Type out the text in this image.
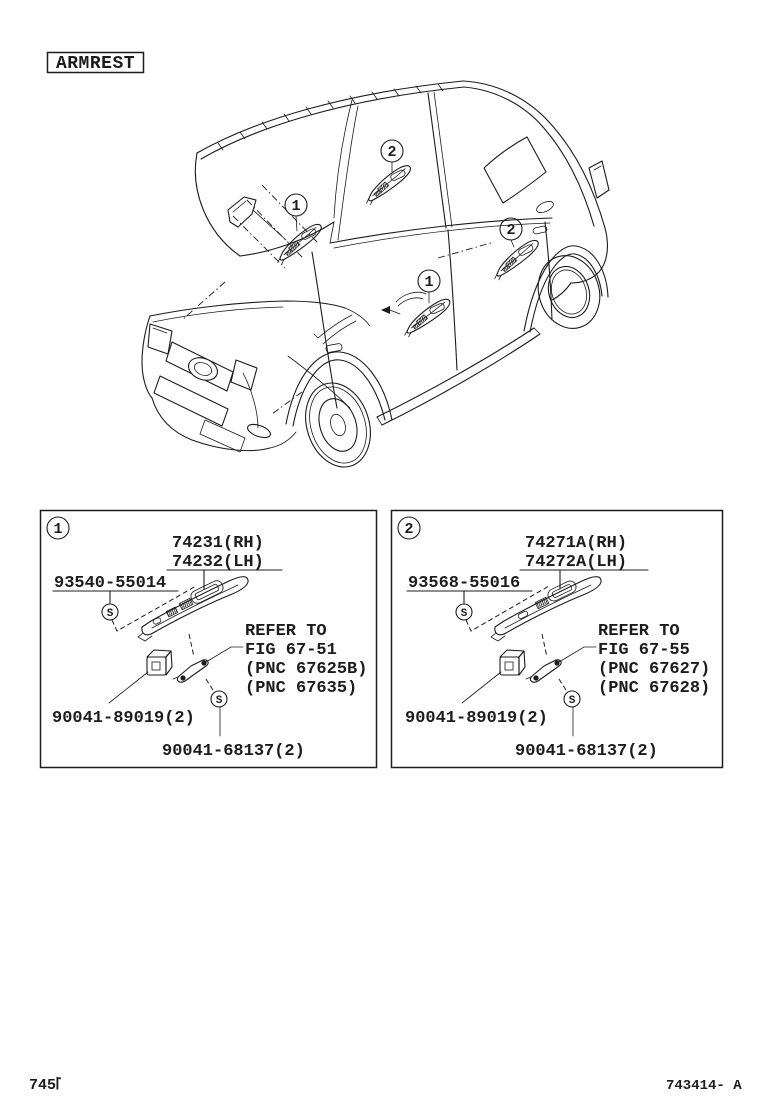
ARMREST
2
1
2
1
1
74231(RH)
74232(LH)
93540-55014
S
S
REFER TO
FIG 67-51
(PNC 67625B)
(PNC 67635)
90041-89019(2)
90041-68137(2)
2
74271A(RH)
74272A(LH)
93568-55016
S
S
REFER TO
FIG 67-55
(PNC 67627)
(PNC 67628)
90041-89019(2)
90041-68137(2)
745	743414- A
